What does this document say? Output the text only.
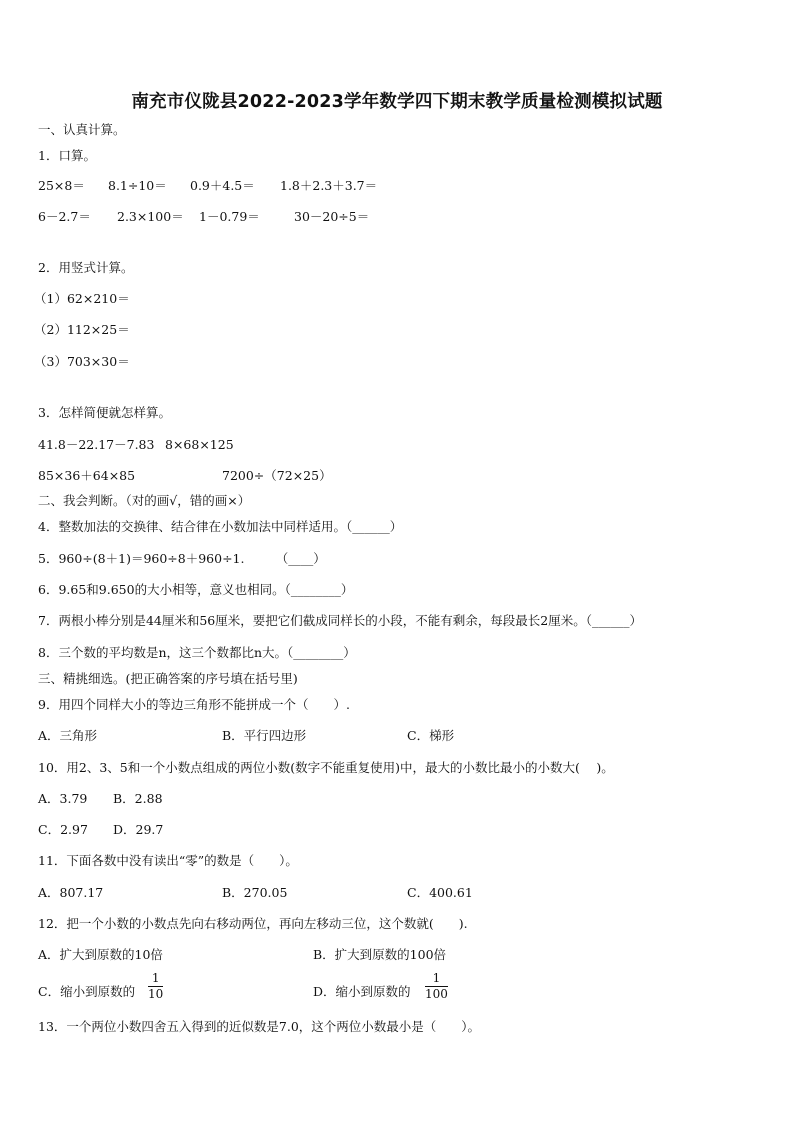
南充市仪陇县2022-2023学年数学四下期末教学质量检测模拟试题
一、认真计算。
1．口算。
25×8＝ 8.1÷10＝ 0.9＋4.5＝ 1.8＋2.3＋3.7＝
6－2.7＝ 2.3×100＝ 1－0.79＝	30－20÷5＝
2．用竖式计算。
（1）62×210＝
（2）112×25＝
（3）703×30＝
3．怎样简便就怎样算。
41.8－22.17－7.83 8×68×125
85×36＋64×85	7200÷（72×25）
二、我会判断。（对的画√，错的画×）
4．整数加法的交换律、结合律在小数加法中同样适用。（______）
5．960÷(8＋1)＝960÷8＋960÷1.　　　（____）
6．9.65和9.650的大小相等，意义也相同。（________）
7．两根小棒分别是44厘米和56厘米，要把它们截成同样长的小段，不能有剩余，每段最长2厘米。（______）
8．三个数的平均数是n，这三个数都比n大。（________）
三、精挑细选。(把正确答案的序号填在括号里)
9．用四个同样大小的等边三角形不能拼成一个（　　）.
A．三角形	B．平行四边形	C．梯形
10．用2、3、5和一个小数点组成的两位小数(数字不能重复使用)中，最大的小数比最小的小数大(　 )。
A．3.79 B．2.88
C．2.97 D．29.7
11．下面各数中没有读出“零”的数是（　　）。
A．807.17	B．270.05	C．400.61
12．把一个小数的小数点先向右移动两位，再向左移动三位，这个数就(　　).
A．扩大到原数的10倍	B．扩大到原数的100倍
C．缩小到原数的
1
10	D．缩小到原数的
1
100
13．一个两位小数四舍五入得到的近似数是7.0，这个两位小数最小是（　　）。
